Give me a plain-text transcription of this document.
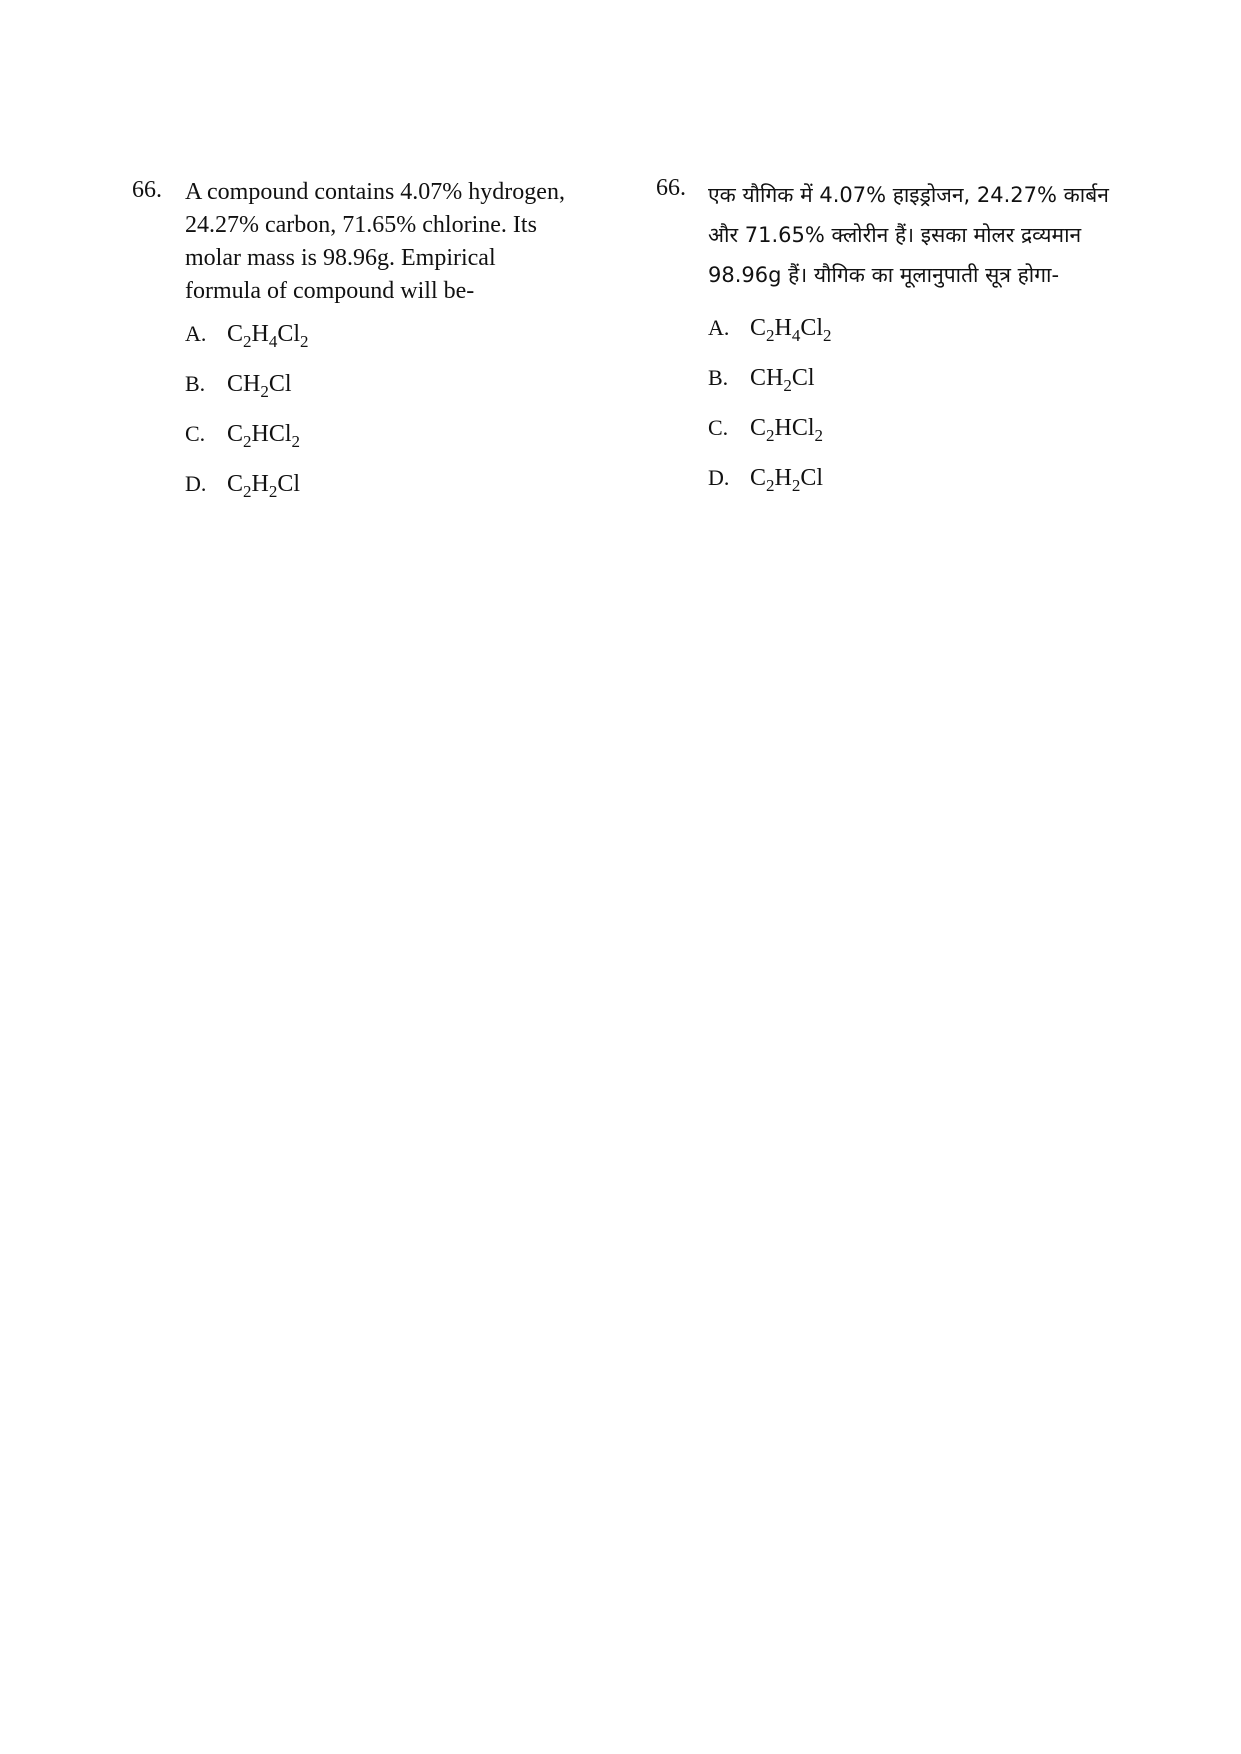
66. A compound contains 4.07% hydrogen,
24.27% carbon, 71.65% chlorine. Its
molar mass is 98.96g. Empirical
formula of compound will be-
A. $C_2H_4Cl_2$
B. $CH_2Cl$
C. $C_2HCl_2$
D. $C_2H_2Cl$
66. एक यौगिक में 4.07% हाइड्रोजन, 24.27% कार्बन
और 71.65% क्लोरीन हैं। इसका मोलर द्रव्यमान
98.96g हैं। यौगिक का मूलानुपाती सूत्र होगा-
A. $C_2H_4Cl_2$
B. $CH_2Cl$
C. $C_2HCl_2$
D. $C_2H_2Cl$
